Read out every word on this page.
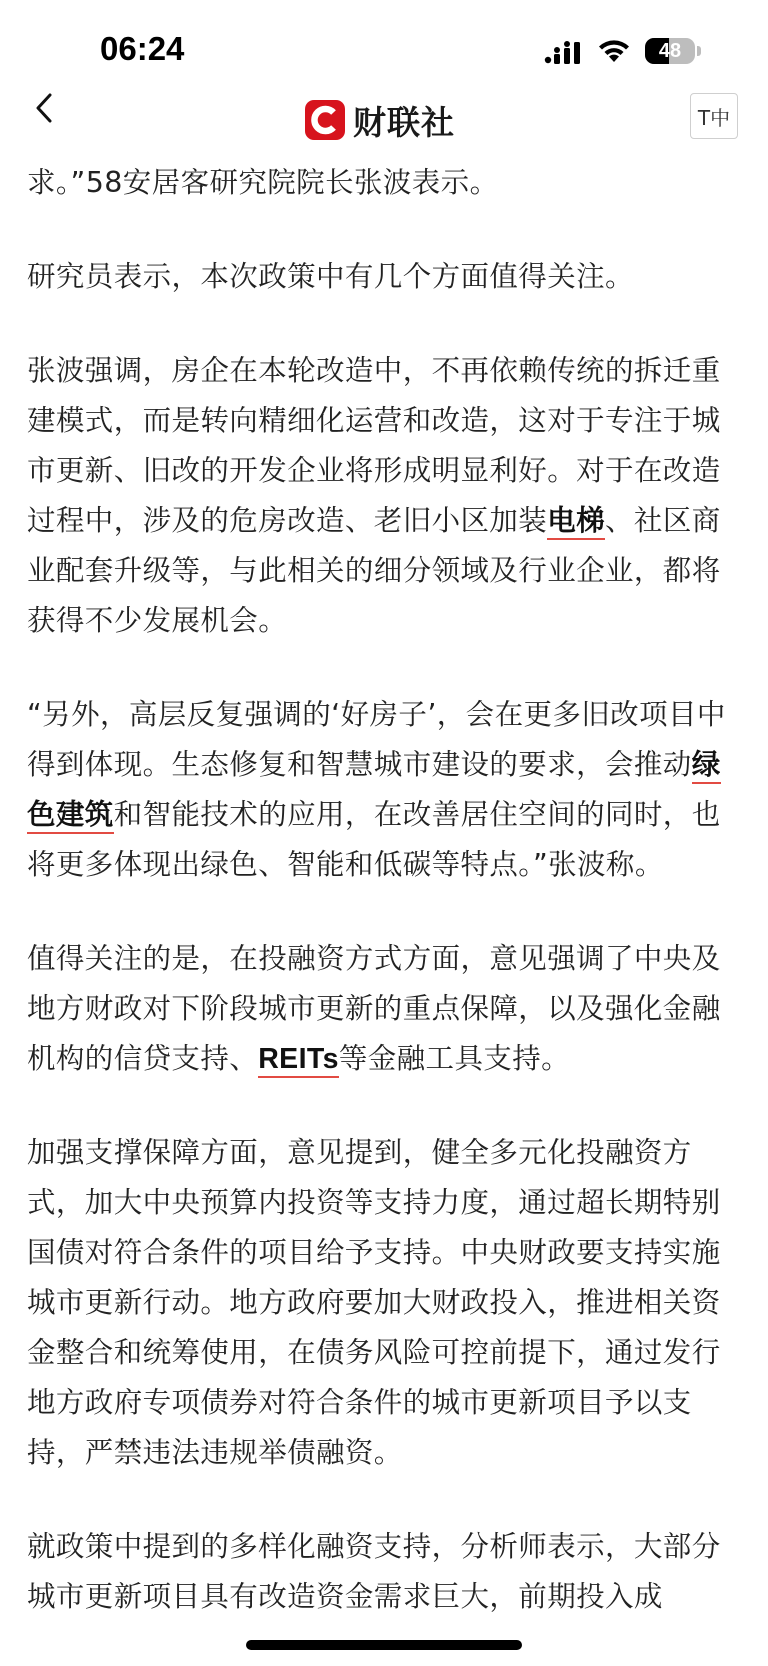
06:24	48
财联社	T中

求。”58安居客研究院院长张波表示。

研究员表示，本次政策中有几个方面值得关注。

张波强调，房企在本轮改造中，不再依赖传统的拆迁重建模式，而是转向精细化运营和改造，这对于专注于城市更新、旧改的开发企业将形成明显利好。对于在改造过程中，涉及的危房改造、老旧小区加装电梯、社区商业配套升级等，与此相关的细分领域及行业企业，都将获得不少发展机会。

“另外，高层反复强调的‘好房子’，会在更多旧改项目中得到体现。生态修复和智慧城市建设的要求，会推动绿色建筑和智能技术的应用，在改善居住空间的同时，也将更多体现出绿色、智能和低碳等特点。”张波称。

值得关注的是，在投融资方式方面，意见强调了中央及地方财政对下阶段城市更新的重点保障，以及强化金融机构的信贷支持、REITs等金融工具支持。

加强支撑保障方面，意见提到，健全多元化投融资方式，加大中央预算内投资等支持力度，通过超长期特别国债对符合条件的项目给予支持。中央财政要支持实施城市更新行动。地方政府要加大财政投入，推进相关资金整合和统筹使用，在债务风险可控前提下，通过发行地方政府专项债券对符合条件的城市更新项目予以支持，严禁违法违规举债融资。

就政策中提到的多样化融资支持，分析师表示，大部分城市更新项目具有改造资金需求巨大，前期投入成
